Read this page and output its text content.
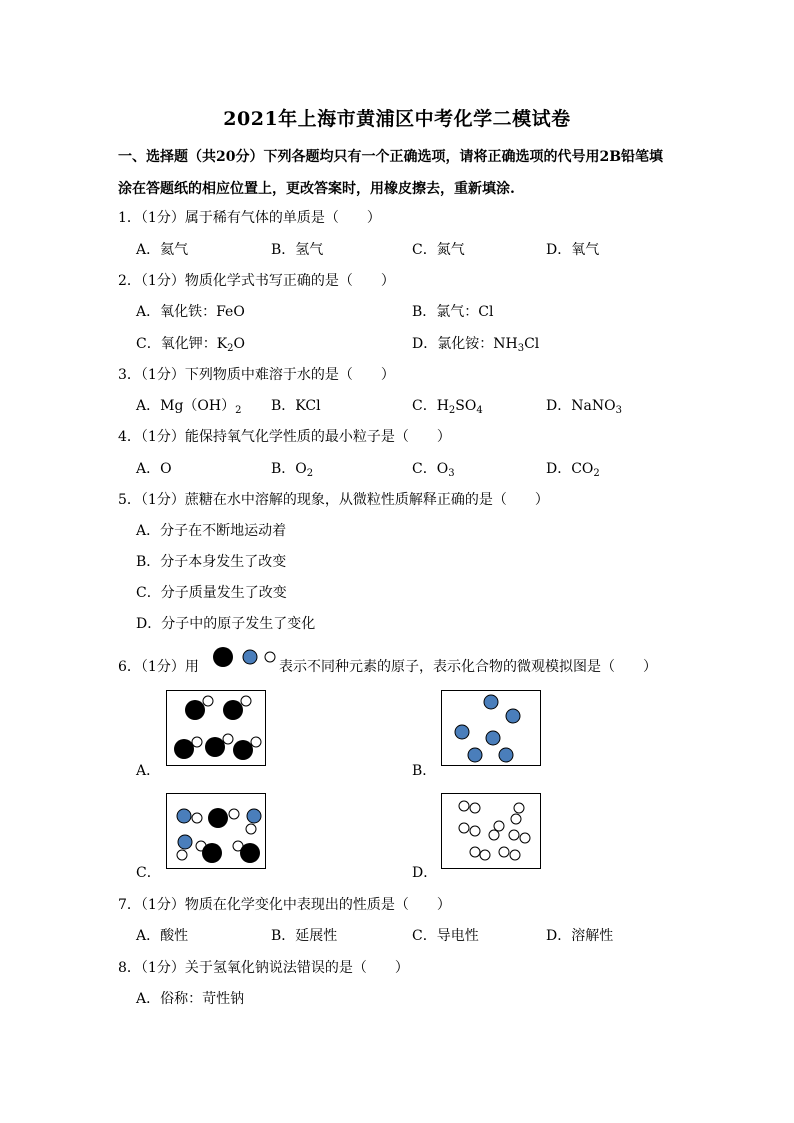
2021年上海市黄浦区中考化学二模试卷
一、选择题（共20分）下列各题均只有一个正确选项，请将正确选项的代号用2B铅笔填
涂在答题纸的相应位置上，更改答案时，用橡皮擦去，重新填涂.
1．（1分）属于稀有气体的单质是（　　）
A．氦气	B．氢气	C．氮气	D．氧气
2．（1分）物质化学式书写正确的是（　　）
A．氧化铁：FeO	B．氯气：Cl
C．氧化钾：$K_2O$	D．氯化铵：$NH_3Cl$
3．（1分）下列物质中难溶于水的是（　　）
A．$Mg(OH)_2$ B．KCl	C．$H_2SO_4$	D．NaNO$_3$
4．（1分）能保持氧气化学性质的最小粒子是（　　）
A．O	B．$O_2$	C．$O_3$	D．$CO_2$
5．（1分）蔗糖在水中溶解的现象，从微粒性质解释正确的是（　　）
A．分子在不断地运动着
B．分子本身发生了改变
C．分子质量发生了改变
D．分子中的原子发生了变化
6．（1分）用	表示不同种元素的原子，表示化合物的微观模拟图是（　　）
A．	B．
C．	D．
7．（1分）物质在化学变化中表现出的性质是（　　）
A．酸性	B．延展性	C．导电性	D．溶解性
8．（1分）关于氢氧化钠说法错误的是（　　）
A．俗称：苛性钠
